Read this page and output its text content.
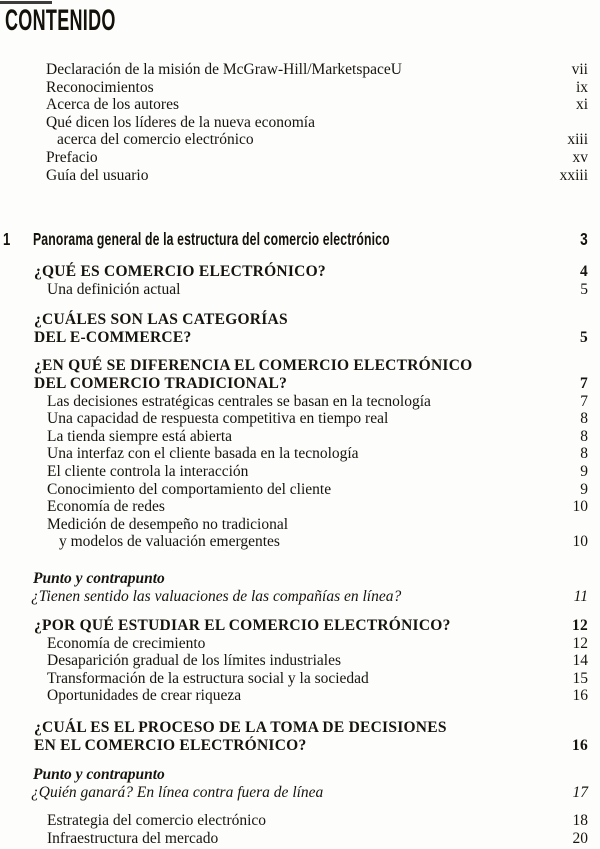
CONTENIDO
Declaración de la misión de McGraw-Hill/MarketspaceU	vii
Reconocimientos	ix
Acerca de los autores	xi
Qué dicen los líderes de la nueva economía
acerca del comercio electrónico	xiii
Prefacio	xv
Guía del usuario	xxiii
1 Panorama general de la estructura del comercio electrónico	3
¿QUÉ ES COMERCIO ELECTRÓNICO?	4
Una definición actual	5
¿CUÁLES SON LAS CATEGORÍAS
DEL E-COMMERCE?	5
¿EN QUÉ SE DIFERENCIA EL COMERCIO ELECTRÓNICO
DEL COMERCIO TRADICIONAL?	7
Las decisiones estratégicas centrales se basan en la tecnología	7
Una capacidad de respuesta competitiva en tiempo real	8
La tienda siempre está abierta	8
Una interfaz con el cliente basada en la tecnología	8
El cliente controla la interacción	9
Conocimiento del comportamiento del cliente	9
Economía de redes	10
Medición de desempeño no tradicional
y modelos de valuación emergentes	10
Punto y contrapunto
¿Tienen sentido las valuaciones de las compañías en línea?	11
¿POR QUÉ ESTUDIAR EL COMERCIO ELECTRÓNICO?	12
Economía de crecimiento	12
Desaparición gradual de los límites industriales	14
Transformación de la estructura social y la sociedad	15
Oportunidades de crear riqueza	16
¿CUÁL ES EL PROCESO DE LA TOMA DE DECISIONES
EN EL COMERCIO ELECTRÓNICO?	16
Punto y contrapunto
¿Quién ganará? En línea contra fuera de línea	17
Estrategia del comercio electrónico	18
Infraestructura del mercado	20
